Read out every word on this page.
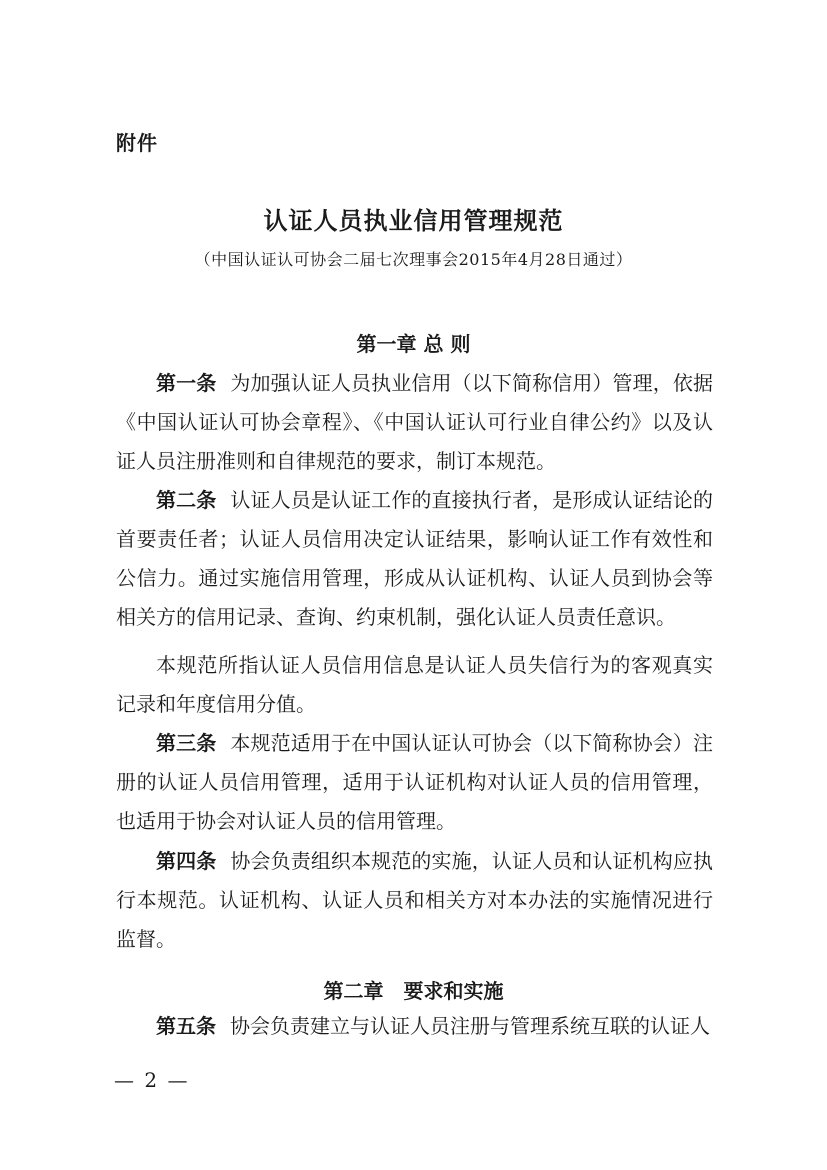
附件
认证人员执业信用管理规范
（中国认证认可协会二届七次理事会2015年4月28日通过）
第一章 总 则

第一条 为加强认证人员执业信用（以下简称信用）管理，依据《中国认证认可协会章程》、《中国认证认可行业自律公约》以及认证人员注册准则和自律规范的要求，制订本规范。

第二条 认证人员是认证工作的直接执行者，是形成认证结论的首要责任者；认证人员信用决定认证结果，影响认证工作有效性和公信力。通过实施信用管理，形成从认证机构、认证人员到协会等相关方的信用记录、查询、约束机制，强化认证人员责任意识。

本规范所指认证人员信用信息是认证人员失信行为的客观真实记录和年度信用分值。

第三条 本规范适用于在中国认证认可协会（以下简称协会）注册的认证人员信用管理，适用于认证机构对认证人员的信用管理，也适用于协会对认证人员的信用管理。

第四条 协会负责组织本规范的实施，认证人员和认证机构应执行本规范。认证机构、认证人员和相关方对本办法的实施情况进行监督。

第二章　要求和实施

第五条 协会负责建立与认证人员注册与管理系统互联的认证人

— 2 —
